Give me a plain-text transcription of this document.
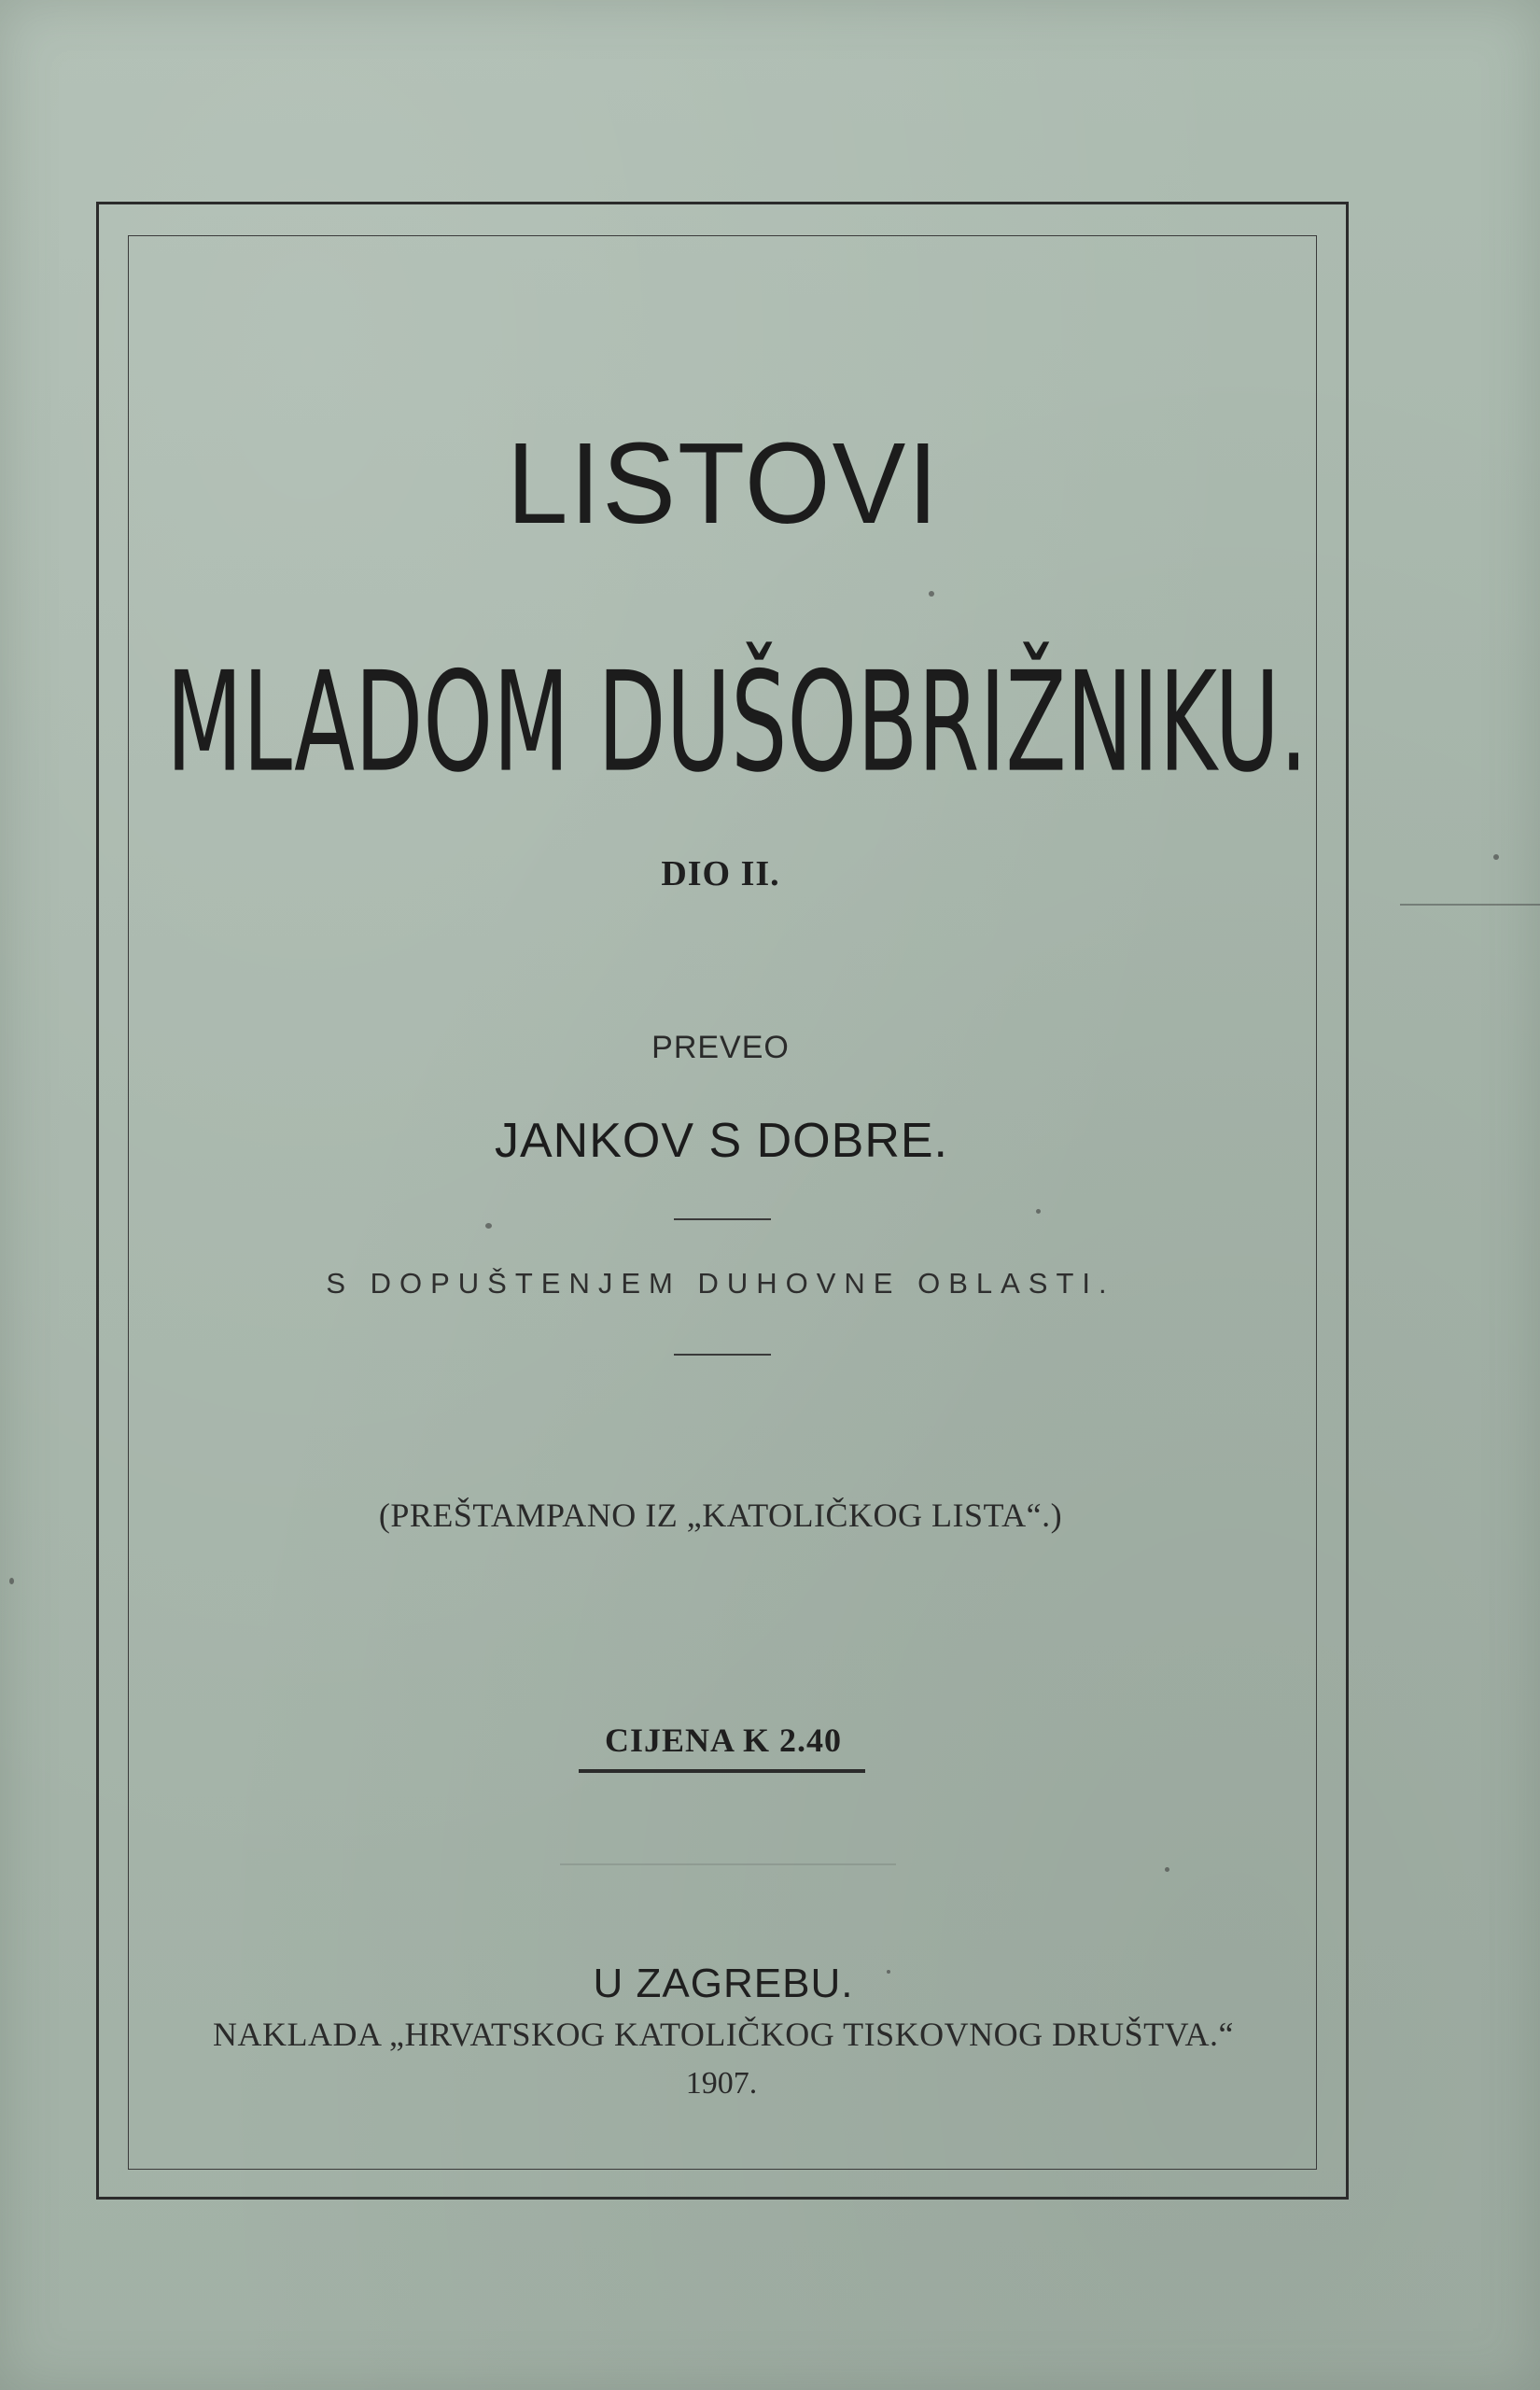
LISTOVI
MLADOM DUŠOBRIŽNIKU.
DIO II.
PREVEO
JANKOV S DOBRE.
S DOPUŠTENJEM DUHOVNE OBLASTI.
(PREŠTAMPANO IZ „KATOLIČKOG LISTA“.)
CIJENA K 2.40
U ZAGREBU.
NAKLADA „HRVATSKOG KATOLIČKOG TISKOVNOG DRUŠTVA.“
1907.
